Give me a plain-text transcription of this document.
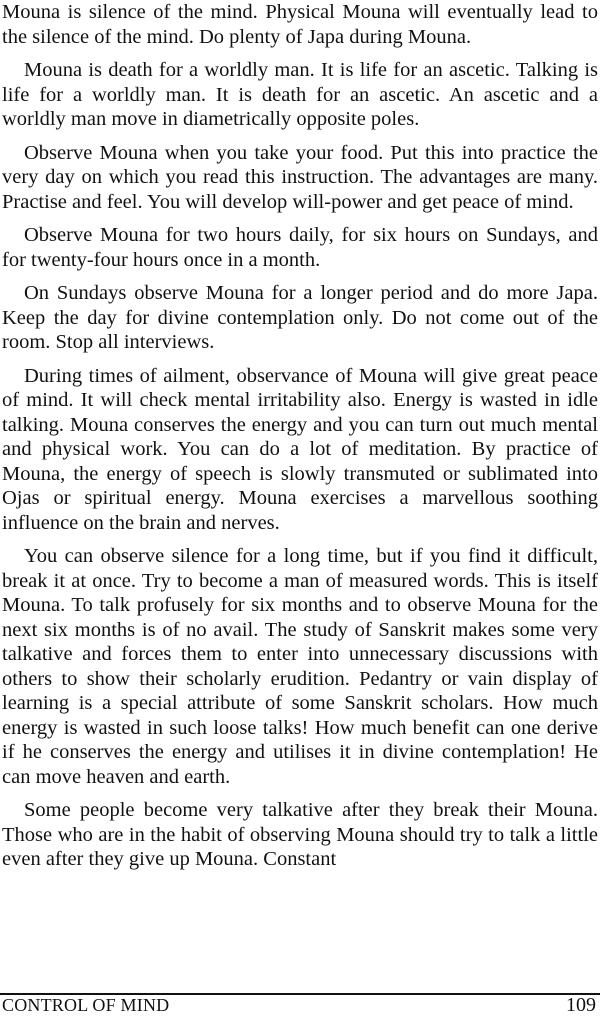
Mouna is silence of the mind. Physical Mouna will eventually lead to the silence of the mind. Do plenty of Japa during Mouna.

Mouna is death for a worldly man. It is life for an ascetic. Talking is life for a worldly man. It is death for an ascetic. An ascetic and a worldly man move in diametrically opposite poles.

Observe Mouna when you take your food. Put this into practice the very day on which you read this instruction. The advantages are many. Practise and feel. You will develop will-power and get peace of mind.

Observe Mouna for two hours daily, for six hours on Sundays, and for twenty-four hours once in a month.

On Sundays observe Mouna for a longer period and do more Japa. Keep the day for divine contemplation only. Do not come out of the room. Stop all interviews.

During times of ailment, observance of Mouna will give great peace of mind. It will check mental irritability also. Energy is wasted in idle talking. Mouna conserves the energy and you can turn out much mental and physical work. You can do a lot of meditation. By practice of Mouna, the energy of speech is slowly transmuted or sublimated into Ojas or spiritual energy. Mouna exercises a marvellous soothing influence on the brain and nerves.

You can observe silence for a long time, but if you find it difficult, break it at once. Try to become a man of measured words. This is itself Mouna. To talk profusely for six months and to observe Mouna for the next six months is of no avail. The study of Sanskrit makes some very talkative and forces them to enter into unnecessary discussions with others to show their scholarly erudition. Pedantry or vain display of learning is a special attribute of some Sanskrit scholars. How much energy is wasted in such loose talks! How much benefit can one derive if he conserves the energy and utilises it in divine contemplation! He can move heaven and earth.

Some people become very talkative after they break their Mouna. Those who are in the habit of observing Mouna should try to talk a little even after they give up Mouna. Constant

CONTROL OF MIND	109
